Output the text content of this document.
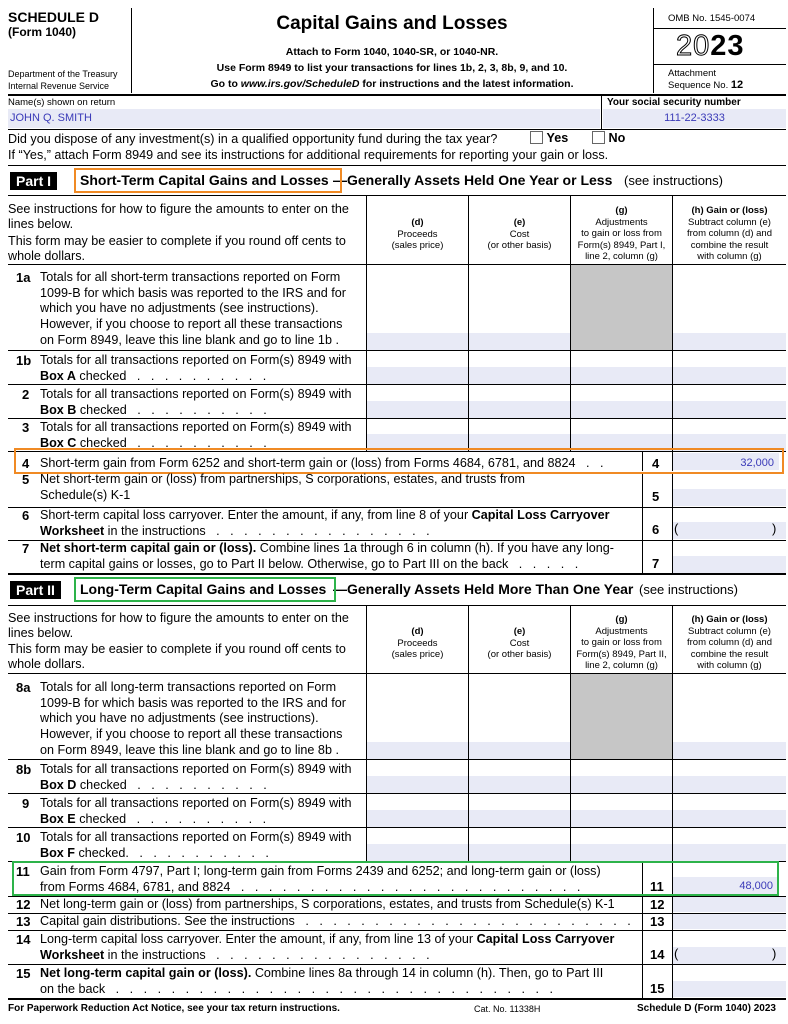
SCHEDULE D
(Form 1040)
Department of the Treasury
Internal Revenue Service
Capital Gains and Losses
Attach to Form 1040, 1040-SR, or 1040-NR.
Use Form 8949 to list your transactions for lines 1b, 2, 3, 8b, 9, and 10.
Go to www.irs.gov/ScheduleD for instructions and the latest information.
OMB No. 1545-0074
2023
Attachment
Sequence No. 12
Name(s) shown on return
JOHN Q. SMITH
Your social security number
111-22-3333
Did you dispose of any investment(s) in a qualified opportunity fund during the tax year?	Yes	No
If “Yes,” attach Form 8949 and see its instructions for additional requirements for reporting your gain or loss.
Part I	Short-Term Capital Gains and Losses —Generally Assets Held One Year or Less (see instructions)
See instructions for how to figure the amounts to enter on the
lines below.
This form may be easier to complete if you round off cents to
whole dollars.
(d)
Proceeds
(sales price)
(e)
Cost
(or other basis)
(g)
Adjustments
to gain or loss from
Form(s) 8949, Part I,
line 2, column (g)
(h) Gain or (loss)
Subtract column (e)
from column (d) and
combine the result
with column (g)
1a Totals for all short-term transactions reported on Form
1099-B for which basis was reported to the IRS and for
which you have no adjustments (see instructions).
However, if you choose to report all these transactions
on Form 8949, leave this line blank and go to line 1b .
1b Totals for all transactions reported on Form(s) 8949 with
Box A checked   .   .   .   .   .   .   .   .   .   .
2 Totals for all transactions reported on Form(s) 8949 with
Box B checked   .   .   .   .   .   .   .   .   .   .
3 Totals for all transactions reported on Form(s) 8949 with
Box C checked   .   .   .   .   .   .   .   .   .   .
4 Short-term gain from Form 6252 and short-term gain or (loss) from Forms 4684, 6781, and 8824   .   .	4	32,000
5 Net short-term gain or (loss) from partnerships, S corporations, estates, and trusts from
Schedule(s) K-1	5
6 Short-term capital loss carryover. Enter the amount, if any, from line 8 of your Capital Loss Carryover
Worksheet in the instructions   .   .   .   .   .   .   .   .   .   .   .   .   .   .   .   .	6 (	)
7 Net short-term capital gain or (loss). Combine lines 1a through 6 in column (h). If you have any long-
term capital gains or losses, go to Part II below. Otherwise, go to Part III on the back   .   .   .   .   .	7
Part II	Long-Term Capital Gains and Losses —Generally Assets Held More Than One Year (see instructions)
See instructions for how to figure the amounts to enter on the
lines below.
This form may be easier to complete if you round off cents to
whole dollars.
(d)
Proceeds
(sales price)
(e)
Cost
(or other basis)
(g)
Adjustments
to gain or loss from
Form(s) 8949, Part II,
line 2, column (g)
(h) Gain or (loss)
Subtract column (e)
from column (d) and
combine the result
with column (g)
8a Totals for all long-term transactions reported on Form
1099-B for which basis was reported to the IRS and for
which you have no adjustments (see instructions).
However, if you choose to report all these transactions
on Form 8949, leave this line blank and go to line 8b .
8b Totals for all transactions reported on Form(s) 8949 with
Box D checked   .   .   .   .   .   .   .   .   .   .
9 Totals for all transactions reported on Form(s) 8949 with
Box E checked   .   .   .   .   .   .   .   .   .   .
10 Totals for all transactions reported on Form(s) 8949 with
Box F checked.   .   .   .   .   .   .   .   .   .   .
11 Gain from Form 4797, Part I; long-term gain from Forms 2439 and 6252; and long-term gain or (loss)
from Forms 4684, 6781, and 8824   .   .   .   .   .   .   .   .   .   .   .   .   .   .   .   .   .   .   .   .   .   .   .   .   .	11	48,000
12 Net long-term gain or (loss) from partnerships, S corporations, estates, and trusts from Schedule(s) K-1	12
13 Capital gain distributions. See the instructions   .   .   .   .   .   .   .   .   .   .   .   .   .   .   .   .   .   .   .   .   .   .   .   . 13
14 Long-term capital loss carryover. Enter the amount, if any, from line 13 of your Capital Loss Carryover
Worksheet in the instructions   .   .   .   .   .   .   .   .   .   .   .   .   .   .   .   .	14 (	)
15 Net long-term capital gain or (loss). Combine lines 8a through 14 in column (h). Then, go to Part III
on the back   .   .   .   .   .   .   .   .   .   .   .   .   .   .   .   .   .   .   .   .   .   .   .   .   .   .   .   .   .   .   .   .	15
For Paperwork Reduction Act Notice, see your tax return instructions.	Cat. No. 11338H	Schedule D (Form 1040) 2023
